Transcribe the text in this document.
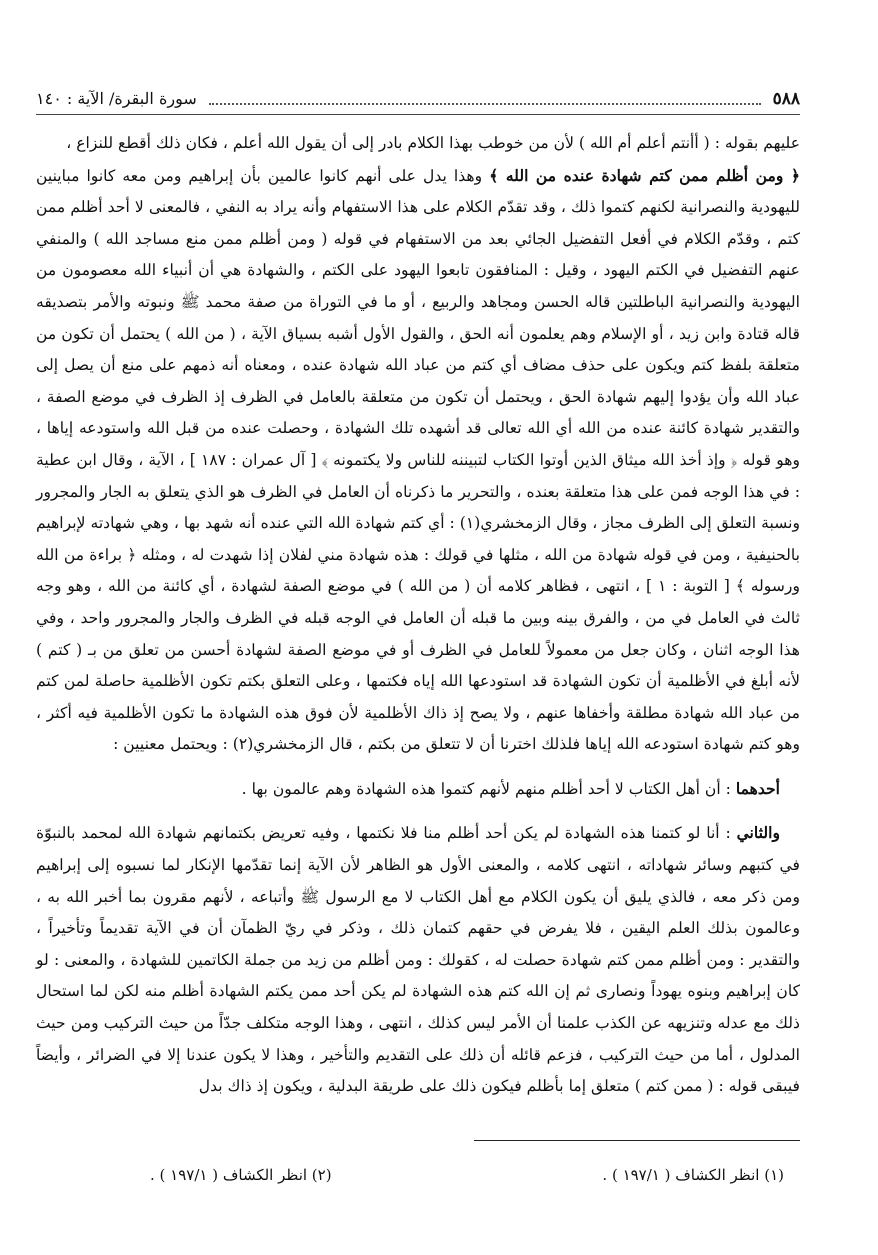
٥٨٨
سورة البقرة/ الآية : ١٤٠

عليهم بقوله : ( أأنتم أعلم أم الله ) لأن من خوطب بهذا الكلام بادر إلى أن يقول الله أعلم ، فكان ذلك أقطع للنزاع ،

﴿ ومن أظلم ممن كتم شهادة عنده من الله ﴾ وهذا يدل على أنهم كانوا عالمين بأن إبراهيم ومن معه كانوا مباينين لليهودية والنصرانية لكنهم كتموا ذلك ، وقد تقدّم الكلام على هذا الاستفهام وأنه يراد به النفي ، فالمعنى لا أحد أظلم ممن كتم ، وقدّم الكلام في أفعل التفضيل الجائي بعد من الاستفهام في قوله ( ومن أظلم ممن منع مساجد الله ) والمنفي عنهم التفضيل في الكتم اليهود ، وقيل : المنافقون تابعوا اليهود على الكتم ، والشهادة هي أن أنبياء الله معصومون من اليهودية والنصرانية الباطلتين قاله الحسن ومجاهد والربيع ، أو ما في التوراة من صفة محمد ﷺ ونبوته والأمر بتصديقه قاله قتادة وابن زيد ، أو الإسلام وهم يعلمون أنه الحق ، والقول الأول أشبه بسياق الآية ، ( من الله ) يحتمل أن تكون من متعلقة بلفظ كتم ويكون على حذف مضاف أي كتم من عباد الله شهادة عنده ، ومعناه أنه ذمهم على منع أن يصل إلى عباد الله وأن يؤدوا إليهم شهادة الحق ، ويحتمل أن تكون من متعلقة بالعامل في الظرف إذ الظرف في موضع الصفة ، والتقدير شهادة كائنة عنده من الله أي الله تعالى قد أشهده تلك الشهادة ، وحصلت عنده من قبل الله واستودعه إياها ، وهو قوله ﴿ وإذ أخذ الله ميثاق الذين أوتوا الكتاب لتبيننه للناس ولا يكتمونه ﴾ [ آل عمران : ١٨٧ ] ، الآية ، وقال ابن عطية : في هذا الوجه فمن على هذا متعلقة بعنده ، والتحرير ما ذكرناه أن العامل في الظرف هو الذي يتعلق به الجار والمجرور ونسبة التعلق إلى الظرف مجاز ، وقال الزمخشري(١) : أي كتم شهادة الله التي عنده أنه شهد بها ، وهي شهادته لإبراهيم بالحنيفية ، ومن في قوله شهادة من الله ، مثلها في قولك : هذه شهادة مني لفلان إذا شهدت له ، ومثله ﴿ براءة من الله ورسوله ﴾ [ التوبة : ١ ] ، انتهى ، فظاهر كلامه أن ( من الله ) في موضع الصفة لشهادة ، أي كائنة من الله ، وهو وجه ثالث في العامل في من ، والفرق بينه وبين ما قبله أن العامل في الوجه قبله في الظرف والجار والمجرور واحد ، وفي هذا الوجه اثنان ، وكان جعل من معمولاً للعامل في الظرف أو في موضع الصفة لشهادة أحسن من تعلق من بـ ( كتم ) لأنه أبلغ في الأظلمية أن تكون الشهادة قد استودعها الله إياه فكتمها ، وعلى التعلق بكتم تكون الأظلمية حاصلة لمن كتم من عباد الله شهادة مطلقة وأخفاها عنهم ، ولا يصح إذ ذاك الأظلمية لأن فوق هذه الشهادة ما تكون الأظلمية فيه أكثر ، وهو كتم شهادة استودعه الله إياها فلذلك اخترنا أن لا تتعلق من بكتم ، قال الزمخشري(٢) : ويحتمل معنيين :

أحدهما : أن أهل الكتاب لا أحد أظلم منهم لأنهم كتموا هذه الشهادة وهم عالمون بها .

والثاني : أنا لو كتمنا هذه الشهادة لم يكن أحد أظلم منا فلا نكتمها ، وفيه تعريض بكتمانهم شهادة الله لمحمد بالنبوّة في كتبهم وسائر شهاداته ، انتهى كلامه ، والمعنى الأول هو الظاهر لأن الآية إنما تقدّمها الإنكار لما نسبوه إلى إبراهيم ومن ذكر معه ، فالذي يليق أن يكون الكلام مع أهل الكتاب لا مع الرسول ﷺ وأتباعه ، لأنهم مقرون بما أخبر الله به ، وعالمون بذلك العلم اليقين ، فلا يفرض في حقهم كتمان ذلك ، وذكر في ريّ الظمآن أن في الآية تقديماً وتأخيراً ، والتقدير : ومن أظلم ممن كتم شهادة حصلت له ، كقولك : ومن أظلم من زيد من جملة الكاتمين للشهادة ، والمعنى : لو كان إبراهيم وبنوه يهوداً ونصارى ثم إن الله كتم هذه الشهادة لم يكن أحد ممن يكتم الشهادة أظلم منه لكن لما استحال ذلك مع عدله وتنزيهه عن الكذب علمنا أن الأمر ليس كذلك ، انتهى ، وهذا الوجه متكلف جدّاً من حيث التركيب ومن حيث المدلول ، أما من حيث التركيب ، فزعم قائله أن ذلك على التقديم والتأخير ، وهذا لا يكون عندنا إلا في الضرائر ، وأيضاً فيبقى قوله : ( ممن كتم ) متعلق إما بأظلم فيكون ذلك على طريقة البدلية ، ويكون إذ ذاك بدل

(١) انظر الكشاف ( ١٩٧/١ ) .
(٢) انظر الكشاف ( ١٩٧/١ ) .
